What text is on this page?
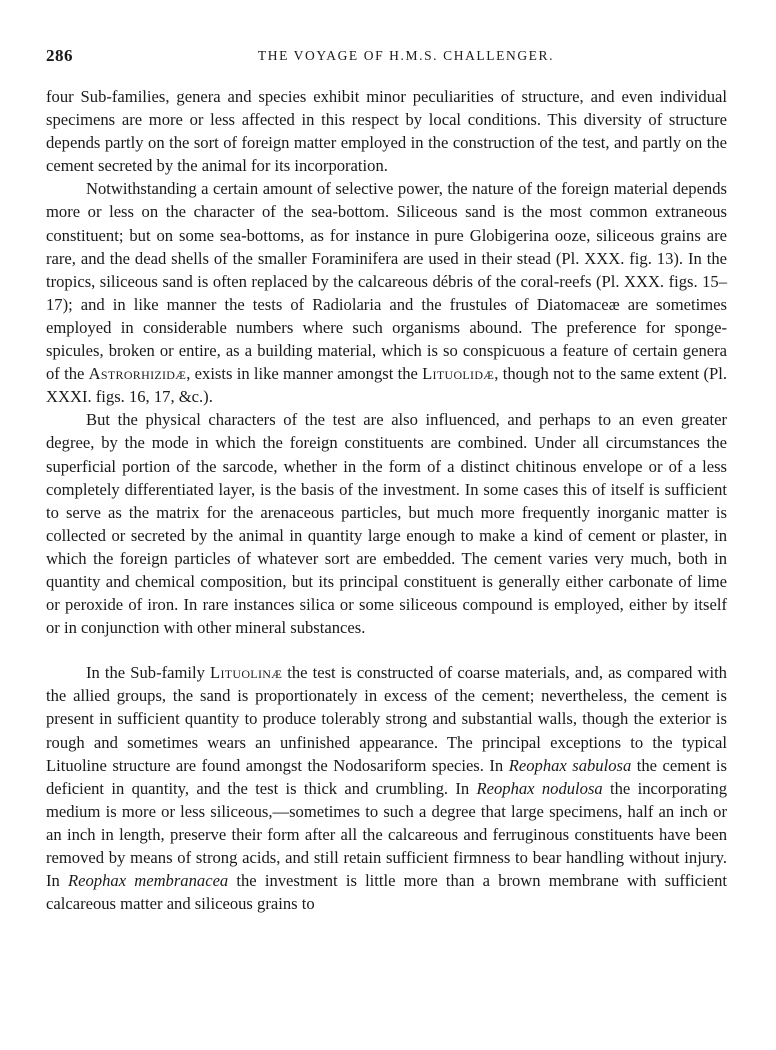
286	THE VOYAGE OF H.M.S. CHALLENGER.

four Sub-families, genera and species exhibit minor peculiarities of structure, and even individual specimens are more or less affected in this respect by local conditions. This diversity of structure depends partly on the sort of foreign matter employed in the construction of the test, and partly on the cement secreted by the animal for its incorporation.

Notwithstanding a certain amount of selective power, the nature of the foreign material depends more or less on the character of the sea-bottom. Siliceous sand is the most common extraneous constituent; but on some sea-bottoms, as for instance in pure Globigerina ooze, siliceous grains are rare, and the dead shells of the smaller Foraminifera are used in their stead (Pl. XXX. fig. 13). In the tropics, siliceous sand is often replaced by the calcareous débris of the coral-reefs (Pl. XXX. figs. 15–17); and in like manner the tests of Radiolaria and the frustules of Diatomaceæ are sometimes employed in considerable numbers where such organisms abound. The preference for sponge-spicules, broken or entire, as a building material, which is so conspicuous a feature of certain genera of the Astrorhizidæ, exists in like manner amongst the Lituolidæ, though not to the same extent (Pl. XXXI. figs. 16, 17, &c.).

But the physical characters of the test are also influenced, and perhaps to an even greater degree, by the mode in which the foreign constituents are combined. Under all circumstances the superficial portion of the sarcode, whether in the form of a distinct chitinous envelope or of a less completely differentiated layer, is the basis of the investment. In some cases this of itself is sufficient to serve as the matrix for the arenaceous particles, but much more frequently inorganic matter is collected or secreted by the animal in quantity large enough to make a kind of cement or plaster, in which the foreign particles of whatever sort are embedded. The cement varies very much, both in quantity and chemical composition, but its principal constituent is generally either carbonate of lime or peroxide of iron. In rare instances silica or some siliceous compound is employed, either by itself or in conjunction with other mineral substances.

In the Sub-family Lituolinæ the test is constructed of coarse materials, and, as compared with the allied groups, the sand is proportionately in excess of the cement; nevertheless, the cement is present in sufficient quantity to produce tolerably strong and substantial walls, though the exterior is rough and sometimes wears an unfinished appearance. The principal exceptions to the typical Lituoline structure are found amongst the Nodosariform species. In Reophax sabulosa the cement is deficient in quantity, and the test is thick and crumbling. In Reophax nodulosa the incorporating medium is more or less siliceous,—sometimes to such a degree that large specimens, half an inch or an inch in length, preserve their form after all the calcareous and ferruginous constituents have been removed by means of strong acids, and still retain sufficient firmness to bear handling without injury. In Reophax membranacea the investment is little more than a brown membrane with sufficient calcareous matter and siliceous grains to
